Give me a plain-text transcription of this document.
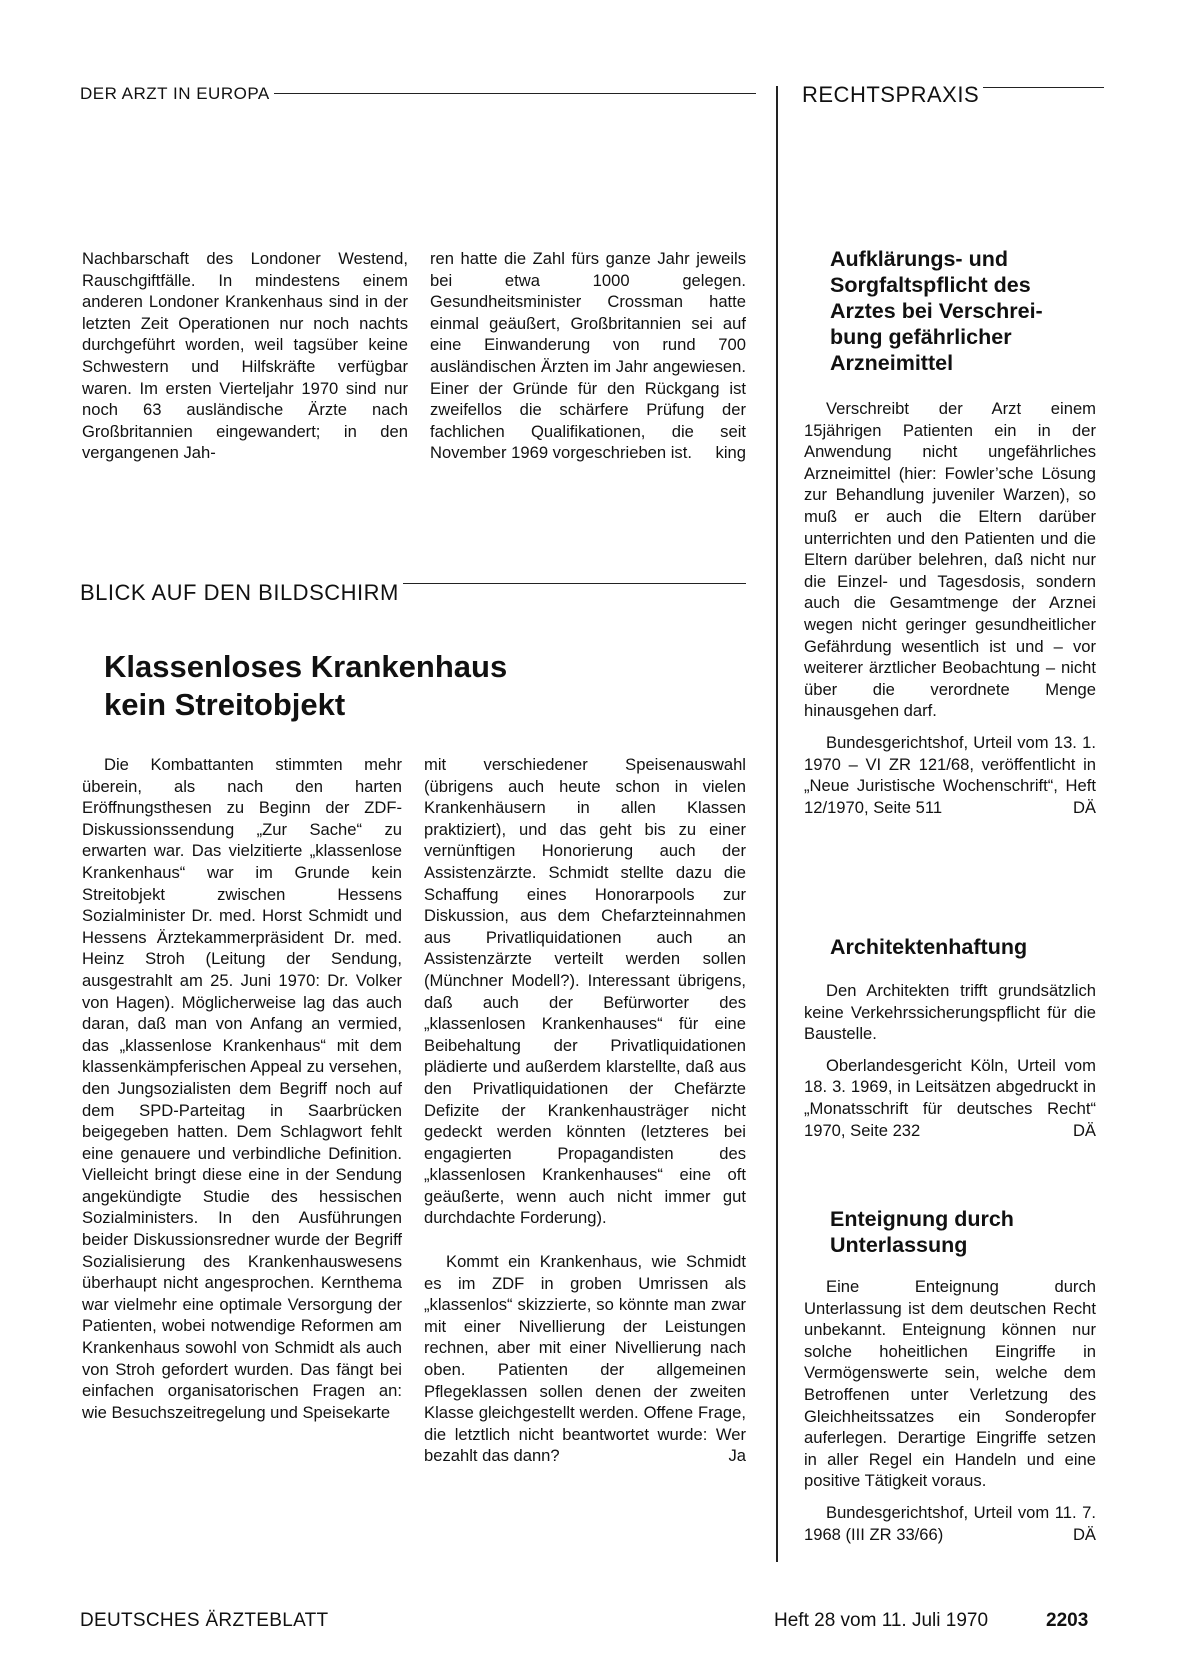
DER ARZT IN EUROPA	RECHTSPRAXIS

Nachbarschaft des Londoner Westend, Rauschgiftfälle. In mindestens einem anderen Londoner Krankenhaus sind in der letzten Zeit Operationen nur noch nachts durchgeführt worden, weil tagsüber keine Schwestern und Hilfskräfte verfügbar waren. Im ersten Vierteljahr 1970 sind nur noch 63 ausländische Ärzte nach Großbritannien eingewandert; in den vergangenen Jah-

ren hatte die Zahl fürs ganze Jahr jeweils bei etwa 1000 gelegen. Gesundheitsminister Crossman hatte einmal geäußert, Großbritannien sei auf eine Einwanderung von rund 700 ausländischen Ärzten im Jahr angewiesen. Einer der Gründe für den Rückgang ist zweifellos die schärfere Prüfung der fachlichen Qualifikationen, die seit November 1969 vorgeschrieben ist.	king
BLICK AUF DEN BILDSCHIRM
Klassenloses Krankenhaus
kein Streitobjekt

Die Kombattanten stimmten mehr überein, als nach den harten Eröffnungsthesen zu Beginn der ZDF-Diskussionssendung „Zur Sache“ zu erwarten war. Das vielzitierte „klassenlose Krankenhaus“ war im Grunde kein Streitobjekt zwischen Hessens Sozialminister Dr. med. Horst Schmidt und Hessens Ärztekammerpräsident Dr. med. Heinz Stroh (Leitung der Sendung, ausgestrahlt am 25. Juni 1970: Dr. Volker von Hagen). Möglicherweise lag das auch daran, daß man von Anfang an vermied, das „klassenlose Krankenhaus“ mit dem klassenkämpferischen Appeal zu versehen, den Jungsozialisten dem Begriff noch auf dem SPD-Parteitag in Saarbrücken beigegeben hatten. Dem Schlagwort fehlt eine genauere und verbindliche Definition. Vielleicht bringt diese eine in der Sendung angekündigte Studie des hessischen Sozialministers. In den Ausführungen beider Diskussionsredner wurde der Begriff Sozialisierung des Krankenhauswesens überhaupt nicht angesprochen. Kernthema war vielmehr eine optimale Versorgung der Patienten, wobei notwendige Reformen am Krankenhaus sowohl von Schmidt als auch von Stroh gefordert wurden. Das fängt bei einfachen organisatorischen Fragen an: wie Besuchszeitregelung und Speisekarte

mit verschiedener Speisenauswahl (übrigens auch heute schon in vielen Krankenhäusern in allen Klassen praktiziert), und das geht bis zu einer vernünftigen Honorierung auch der Assistenzärzte. Schmidt stellte dazu die Schaffung eines Honorarpools zur Diskussion, aus dem Chefarzteinnahmen aus Privatliquidationen auch an Assistenzärzte verteilt werden sollen (Münchner Modell?). Interessant übrigens, daß auch der Befürworter des „klassenlosen Krankenhauses“ für eine Beibehaltung der Privatliquidationen plädierte und außerdem klarstellte, daß aus den Privatliquidationen der Chefärzte Defizite der Krankenhausträger nicht gedeckt werden könnten (letzteres bei engagierten Propagandisten des „klassenlosen Krankenhauses“ eine oft geäußerte, wenn auch nicht immer gut durchdachte Forderung).

Kommt ein Krankenhaus, wie Schmidt es im ZDF in groben Umrissen als „klassenlos“ skizzierte, so könnte man zwar mit einer Nivellierung der Leistungen rechnen, aber mit einer Nivellierung nach oben. Patienten der allgemeinen Pflegeklassen sollen denen der zweiten Klasse gleichgestellt werden. Offene Frage, die letztlich nicht beantwortet wurde: Wer bezahlt das dann?	Ja
Aufklärungs- und
Sorgfaltspflicht des
Arztes bei Verschrei-
bung gefährlicher
Arzneimittel

Verschreibt der Arzt einem 15jährigen Patienten ein in der Anwendung nicht ungefährliches Arzneimittel (hier: Fowler’sche Lösung zur Behandlung juveniler Warzen), so muß er auch die Eltern darüber unterrichten und den Patienten und die Eltern darüber belehren, daß nicht nur die Einzel- und Tagesdosis, sondern auch die Gesamtmenge der Arznei wegen nicht geringer gesundheitlicher Gefährdung wesentlich ist und – vor weiterer ärztlicher Beobachtung – nicht über die verordnete Menge hinausgehen darf.

Bundesgerichtshof, Urteil vom 13. 1. 1970 – VI ZR 121/68, veröffentlicht in „Neue Juristische Wochenschrift“, Heft 12/1970, Seite 511	DÄ
Architektenhaftung

Den Architekten trifft grundsätzlich keine Verkehrssicherungspflicht für die Baustelle.

Oberlandesgericht Köln, Urteil vom 18. 3. 1969, in Leitsätzen abgedruckt in „Monatsschrift für deutsches Recht“ 1970, Seite 232	DÄ
Enteignung durch
Unterlassung

Eine Enteignung durch Unterlassung ist dem deutschen Recht unbekannt. Enteignung können nur solche hoheitlichen Eingriffe in Vermögenswerte sein, welche dem Betroffenen unter Verletzung des Gleichheitssatzes ein Sonderopfer auferlegen. Derartige Eingriffe setzen in aller Regel ein Handeln und eine positive Tätigkeit voraus.

Bundesgerichtshof, Urteil vom 11. 7. 1968 (III ZR 33/66)	DÄ
DEUTSCHES ÄRZTEBLATT	Heft 28 vom 11. Juli 1970	2203
